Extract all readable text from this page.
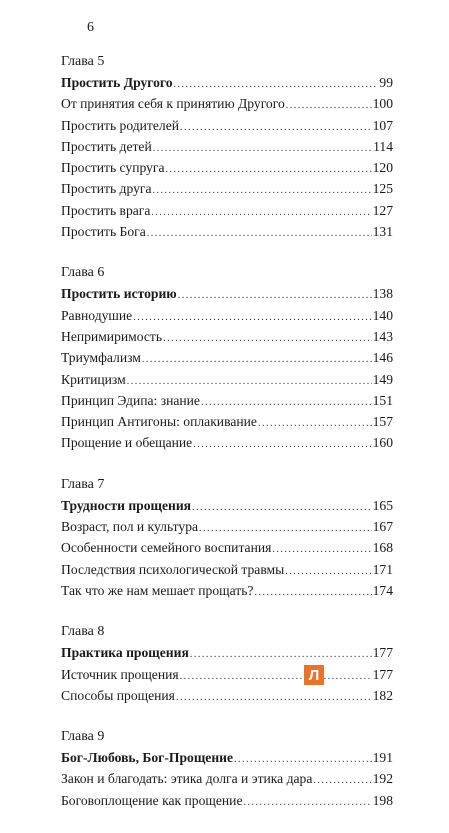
6
Глава 5
Простить Другого . . .	99
От принятия себя к принятию Другого . . .	100
Простить родителей . . .	107
Простить детей . . .	114
Простить супруга . . .	120
Простить друга . . .	125
Простить врага . . .	127
Простить Бога . . .	131
Глава 6
Простить историю . . .	138
Равнодушие . . .	140
Непримиримость . . .	143
Триумфализм . . .	146
Критицизм . . .	149
Принцип Эдипа: знание . . .	151
Принцип Антигоны: оплакивание . . .	157
Прощение и обещание . . .	160
Глава 7
Трудности прощения . . .	165
Возраст, пол и культура . . .	167
Особенности семейного воспитания . . .	168
Последствия психологической травмы . . .	171
Так что же нам мешает прощать? . . .	174
Глава 8
Практика прощения . . .	177
Источник прощения . . .	177
Способы прощения . . .	182
Глава 9
Бог-Любовь, Бог-Прощение . . .	191
Закон и благодать: этика долга и этика дара . . .	192
Боговоплощение как прощение . . .	198
Л
